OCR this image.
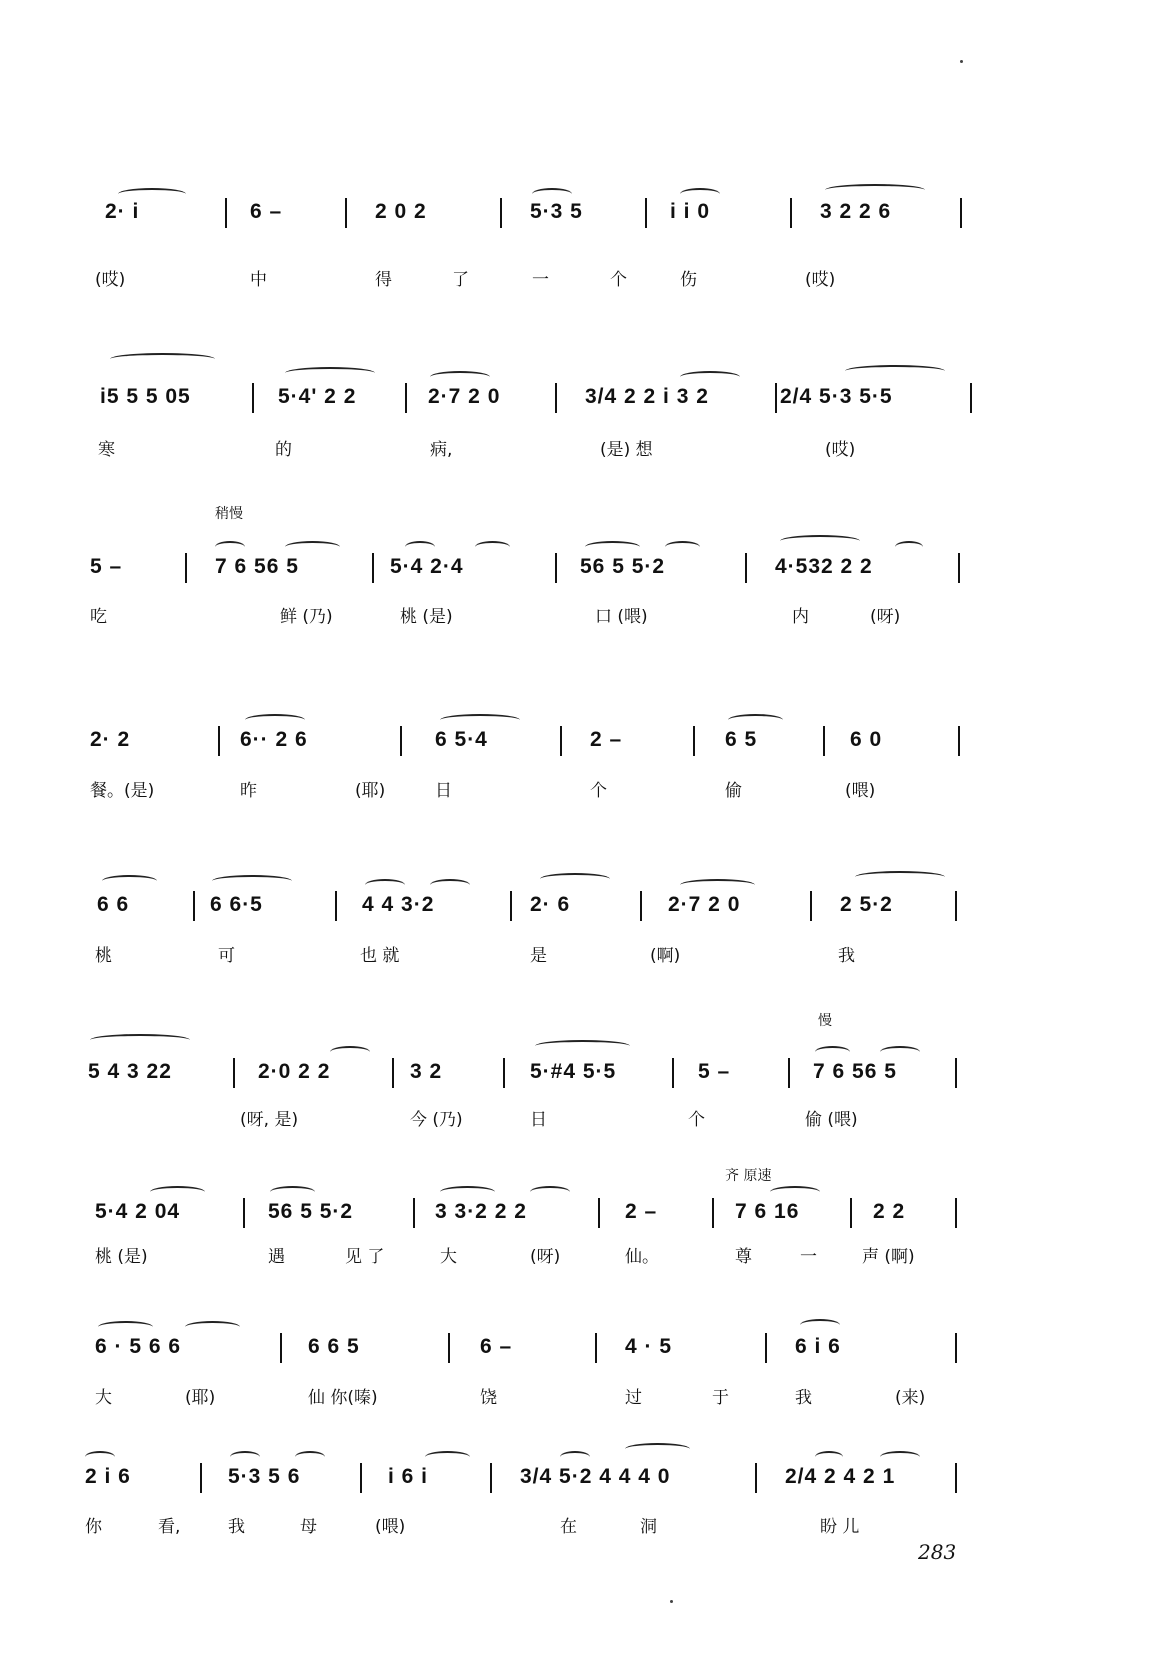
2· i	6 –	2 0 2	5·3 5	i i 0	3 2 2 6
(哎)	中	得	了	一	个	伤	(哎)
i5 5 5 05	5·4' 2 2	2·7 2 0	3/4 2 2 i 3 2	2/4 5·3 5·5
寒	的	病,	(是) 想	(哎)
稍慢
5 –	7 6 56 5	5·4 2·4	56 5 5·2	4·532 2 2
吃	鲜 (乃)	桃 (是)	口 (喂)	内	(呀)
2· 2	6·· 2 6	6 5·4	2 –	6 5	6 0
餐。(是)	昨	(耶)	日	个	偷	(喂)
6 6	6 6·5	4 4 3·2	2· 6	2·7 2 0	2 5·2
桃	可	也 就	是	(啊)	我
慢
5 4 3 22	2·0 2 2	3 2	5·#4 5·5	5 –	7 6 56 5
(呀, 是)	今 (乃)	日	个	偷 (喂)
齐 原速
5·4 2 04	56 5 5·2	3 3·2 2 2	2 –	7 6 16	2 2
桃 (是)	遇	见 了	大	(呀)	仙。	尊	一	声 (啊)
6 · 5 6 6	6 6 5	6 –	4 · 5	6 i 6
大	(耶)	仙 你(嗪)	饶	过	于	我	(来)
2 i 6	5·3 5 6	i 6 i	3/4 5·2 4 4 4 0	2/4 2 4 2 1
你	看,	我	母	(喂)	在	洞	盼 儿
283
